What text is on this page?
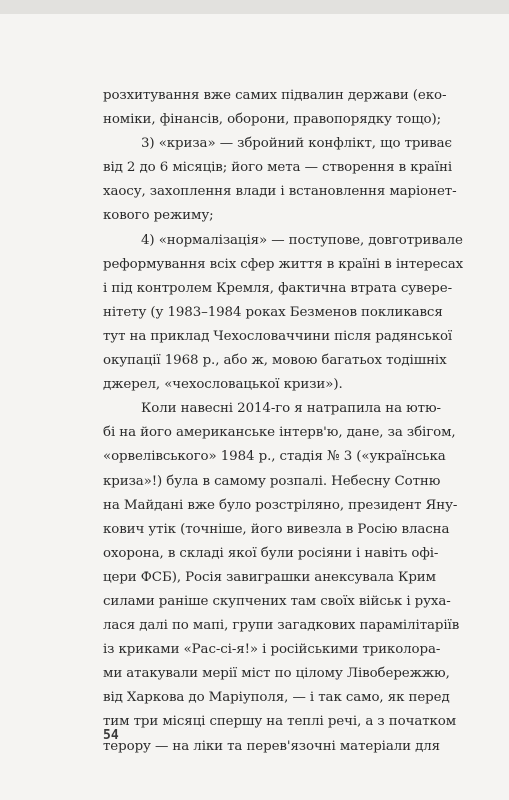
розхитування вже самих підвалин держави (еко-
номіки, фінансів, оборони, правопорядку тощо);
3) «криза» — збройний конфлікт, що триває
від 2 до 6 місяців; його мета — створення в країні
хаосу, захоплення влади і встановлення маріонет-
кового режиму;
4) «нормалізація» — поступове, довготривале
реформування всіх сфер життя в країні в інтересах
і під контролем Кремля, фактична втрата сувере-
нітету (у 1983–1984 роках Безменов покликався
тут на приклад Чехословаччини після радянської
окупації 1968 р., або ж, мовою багатьох тодішніх
джерел, «чехословацької кризи»).
Коли навесні 2014-го я натрапила на ютю-
бі на його американське інтерв'ю, дане, за збігом,
«орвелівського» 1984 р., стадія № 3 («українська
криза»!) була в самому розпалі. Небесну Сотню
на Майдані вже було розстріляно, президент Яну-
кович утік (точніше, його вивезла в Росію власна
охорона, в складі якої були росіяни і навіть офі-
цери ФСБ), Росія завиграшки анексувала Крим
силами раніше скупчених там своїх військ і руха-
лася далі по мапі, групи загадкових парамілітаріїв
із криками «Рас-сі-я!» і російськими триколора-
ми атакували мерії міст по цілому Лівобережжю,
від Харкова до Маріуполя, — і так само, як перед
тим три місяці спершу на теплі речі, а з початком
терору — на ліки та перев'язочні матеріали для
54
